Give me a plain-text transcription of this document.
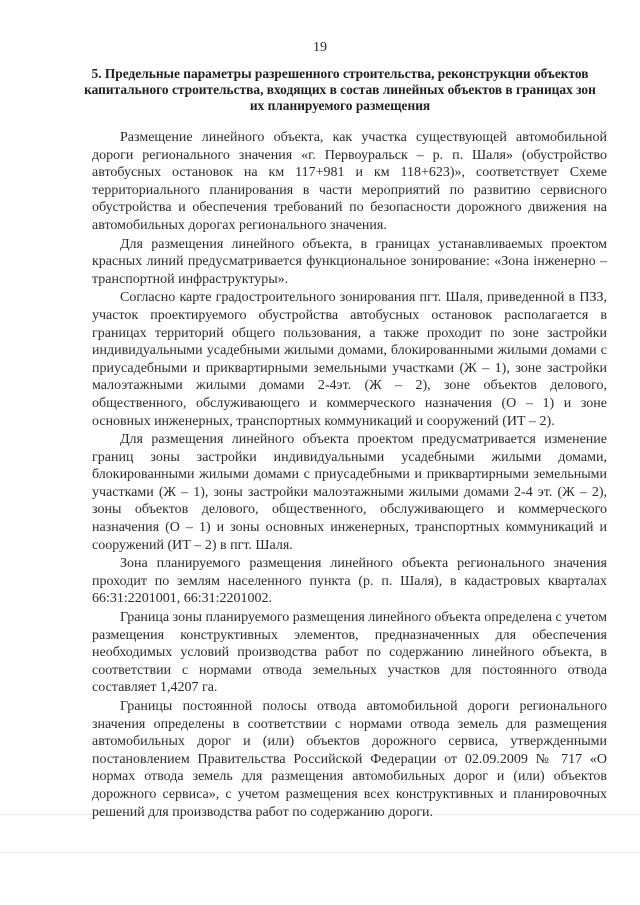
19
5. Предельные параметры разрешенного строительства, реконструкции объектов капитального строительства, входящих в состав линейных объектов в границах зон их планируемого размещения

Размещение линейного объекта, как участка существующей автомобильной дороги регионального значения «г. Первоуральск – р. п. Шаля» (обустройство автобусных остановок на км 117+981 и км 118+623)», соответствует Схеме территориального планирования в части мероприятий по развитию сервисного обустройства и обеспечения требований по безопасности дорожного движения на автомобильных дорогах регионального значения.

Для размещения линейного объекта, в границах устанавливаемых проектом красных линий предусматривается функциональное зонирование: «Зона інженерно – транспортной инфраструктуры».

Согласно карте градостроительного зонирования пгт. Шаля, приведенной в ПЗЗ, участок проектируемого обустройства автобусных остановок располагается в границах территорий общего пользования, а также проходит по зоне застройки индивидуальными усадебными жилыми домами, блокированными жилыми домами с приусадебными и приквартирными земельными участками (Ж – 1), зоне застройки малоэтажными жилыми домами 2-4эт. (Ж – 2), зоне объектов делового, общественного, обслуживающего и коммерческого назначения (О – 1) и зоне основных инженерных, транспортных коммуникаций и сооружений (ИТ – 2).

Для размещения линейного объекта проектом предусматривается изменение границ зоны застройки индивидуальными усадебными жилыми домами, блокированными жилыми домами с приусадебными и приквартирными земельными участками (Ж – 1), зоны застройки малоэтажными жилыми домами 2-4 эт. (Ж – 2), зоны объектов делового, общественного, обслуживающего и коммерческого назначения (О – 1) и зоны основных инженерных, транспортных коммуникаций и сооружений (ИТ – 2) в пгт. Шаля.

Зона планируемого размещения линейного объекта регионального значения проходит по землям населенного пункта (р. п. Шаля), в кадастровых кварталах 66:31:2201001, 66:31:2201002.

Граница зоны планируемого размещения линейного объекта определена с учетом размещения конструктивных элементов, предназначенных для обеспечения необходимых условий производства работ по содержанию линейного объекта, в соответствии с нормами отвода земельных участков для постоянного отвода составляет 1,4207 га.

Границы постоянной полосы отвода автомобильной дороги регионального значения определены в соответствии с нормами отвода земель для размещения автомобильных дорог и (или) объектов дорожного сервиса, утвержденными постановлением Правительства Российской Федерации от 02.09.2009 № 717 «О нормах отвода земель для размещения автомобильных дорог и (или) объектов дорожного сервиса», с учетом размещения всех конструктивных и планировочных решений для производства работ по содержанию дороги.
